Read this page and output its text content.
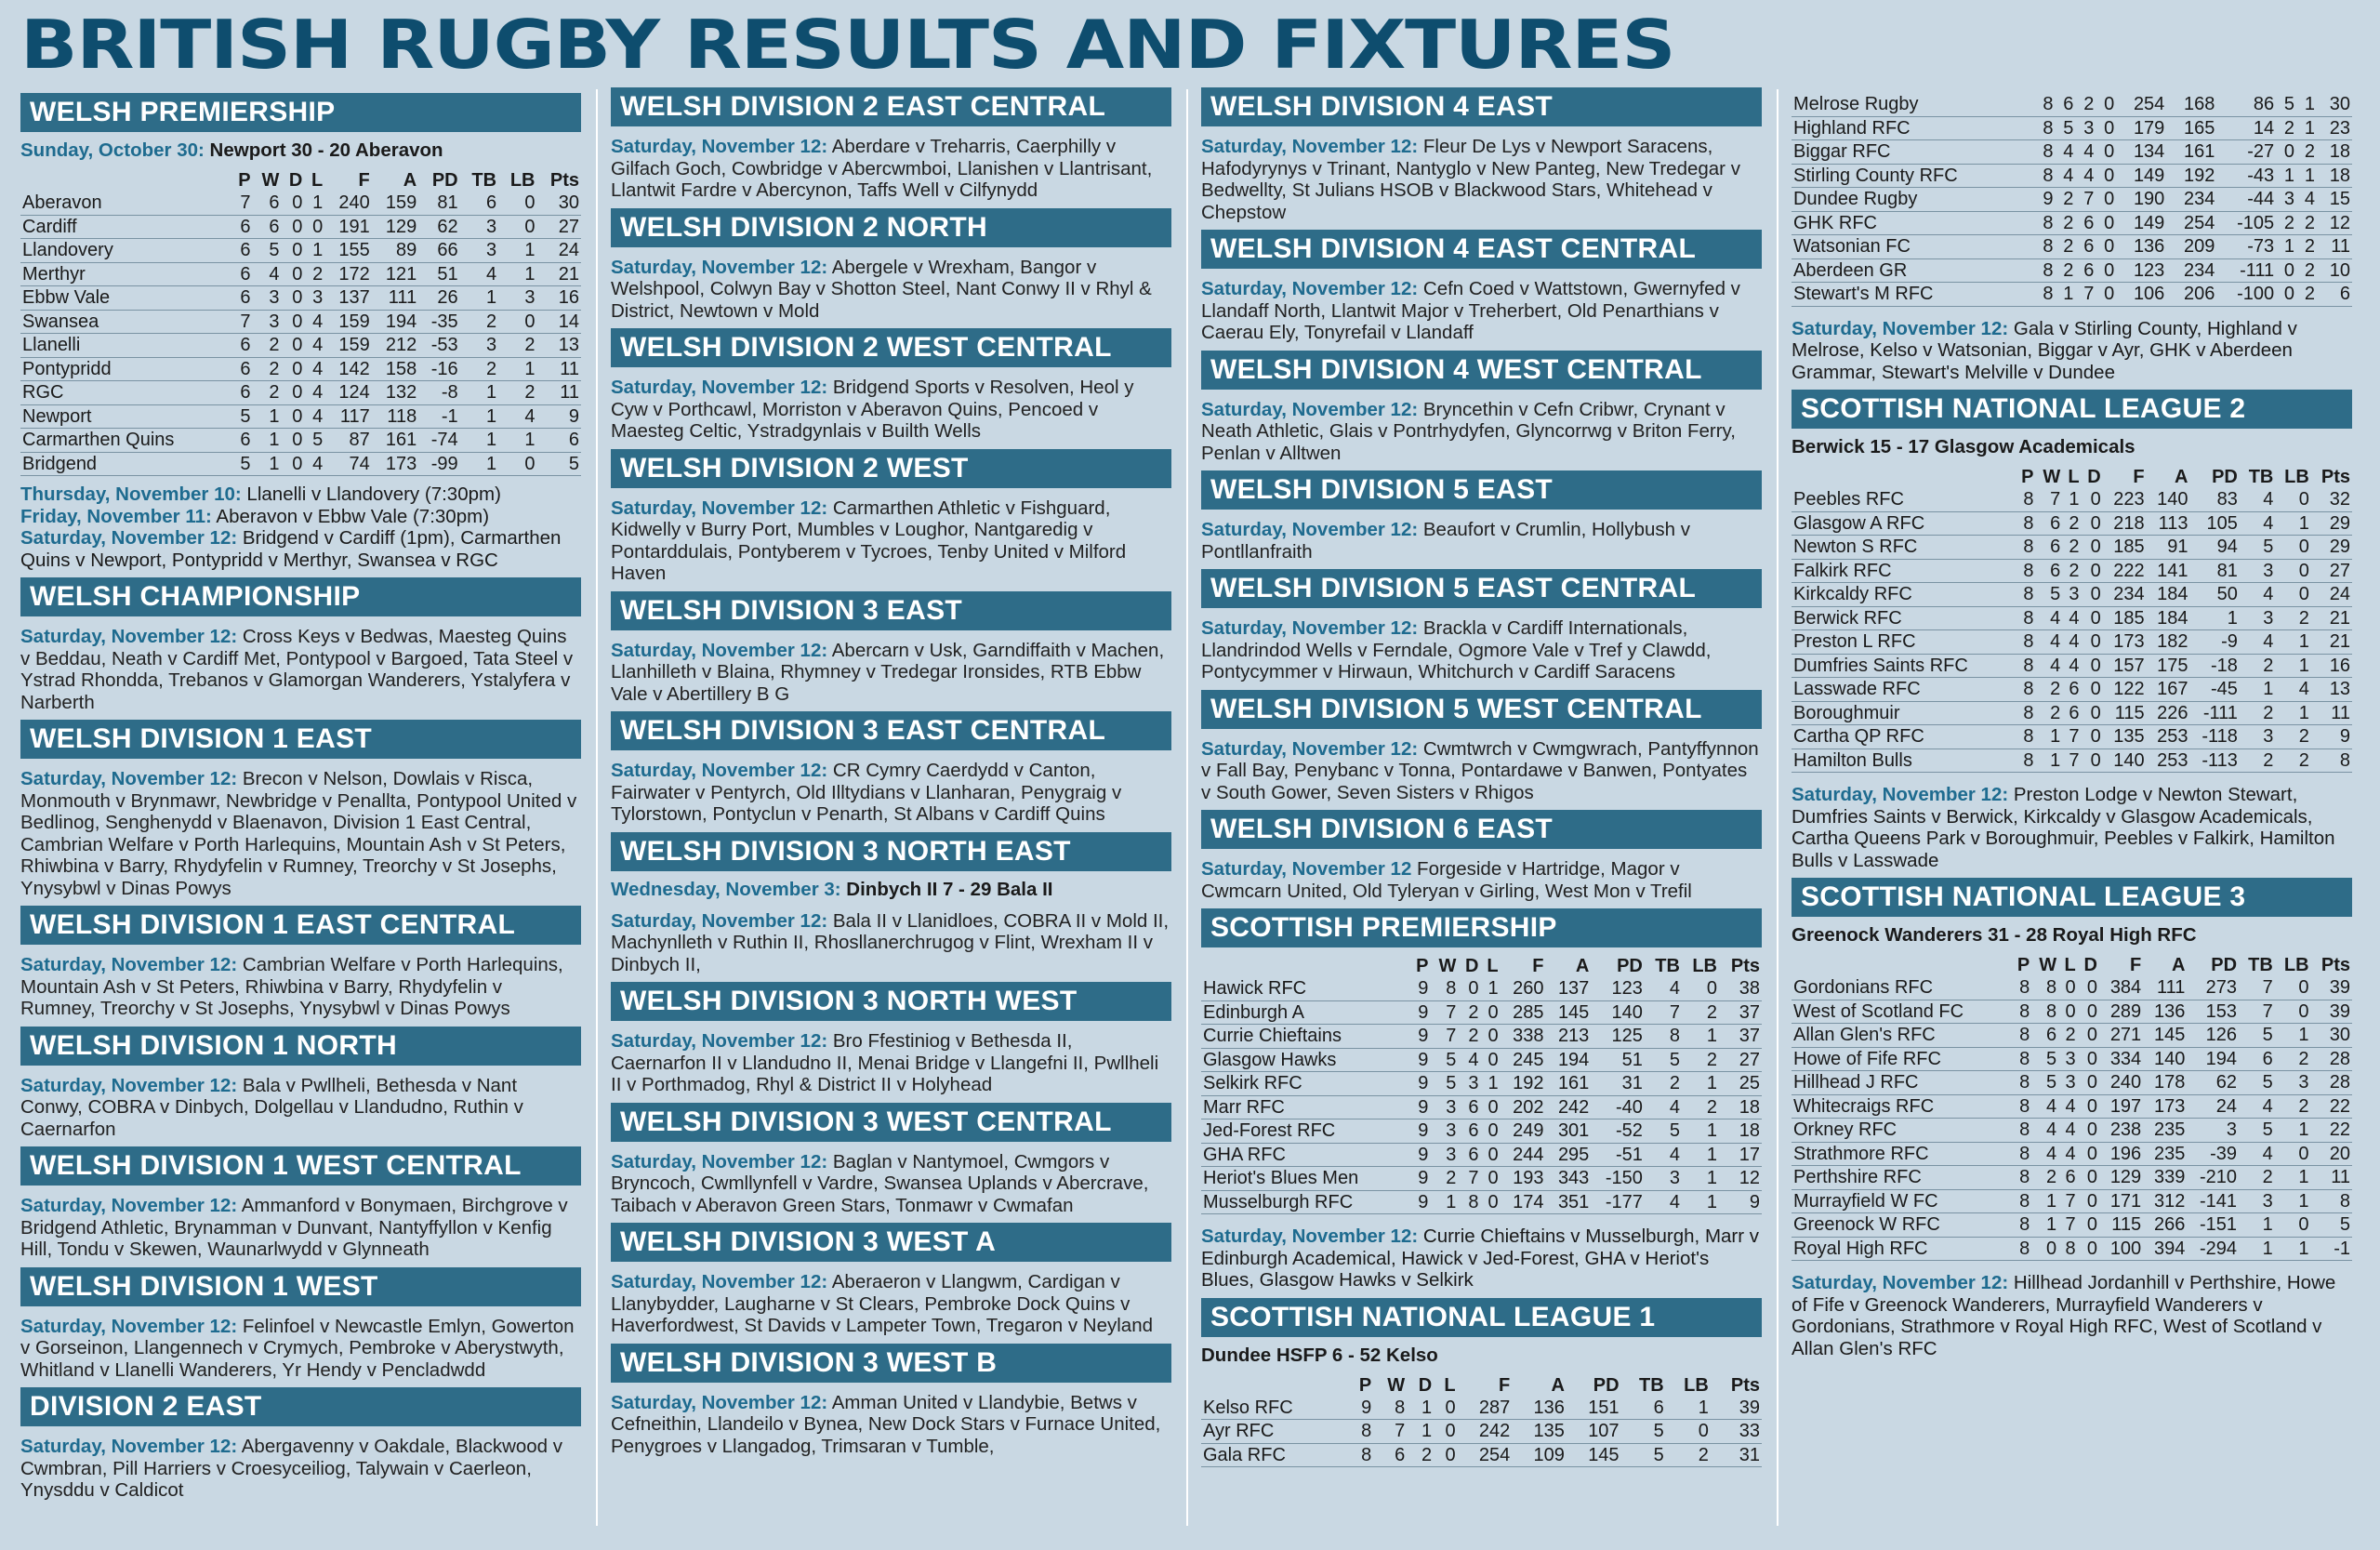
BRITISH RUGBY RESULTS AND FIXTURES
WELSH PREMIERSHIP
Sunday, October 30: Newport 30 - 20 Aberavon
	P	W	D	L	F	A	PD	TB	LB	Pts
Aberavon	7	6	0	1	240	159	81	6	0	30
Cardiff	6	6	0	0	191	129	62	3	0	27
Llandovery	6	5	0	1	155	89	66	3	1	24
Merthyr	6	4	0	2	172	121	51	4	1	21
Ebbw Vale	6	3	0	3	137	111	26	1	3	16
Swansea	7	3	0	4	159	194	-35	2	0	14
Llanelli	6	2	0	4	159	212	-53	3	2	13
Pontypridd	6	2	0	4	142	158	-16	2	1	11
RGC	6	2	0	4	124	132	-8	1	2	11
Newport	5	1	0	4	117	118	-1	1	4	9
Carmarthen Quins	6	1	0	5	87	161	-74	1	1	6
Bridgend	5	1	0	4	74	173	-99	1	0	5
Thursday, November 10: Llanelli v Llandovery (7:30pm)
Friday, November 11: Aberavon v Ebbw Vale (7:30pm)
Saturday, November 12: Bridgend v Cardiff (1pm), Carmarthen Quins v Newport, Pontypridd v Merthyr, Swansea v RGC
WELSH CHAMPIONSHIP
Saturday, November 12: Cross Keys v Bedwas, Maesteg Quins v Beddau, Neath v Cardiff Met, Pontypool v Bargoed, Tata Steel v Ystrad Rhondda, Trebanos v Glamorgan Wanderers, Ystalyfera v Narberth
WELSH DIVISION 1 EAST
Saturday, November 12: Brecon v Nelson, Dowlais v Risca, Monmouth v Brynmawr, Newbridge v Penallta, Pontypool United v Bedlinog, Senghenydd v Blaenavon, Division 1 East Central, Cambrian Welfare v Porth Harlequins, Mountain Ash v St Peters, Rhiwbina v Barry, Rhydyfelin v Rumney, Treorchy v St Josephs, Ynysybwl v Dinas Powys
WELSH DIVISION 1 EAST CENTRAL
Saturday, November 12: Cambrian Welfare v Porth Harlequins, Mountain Ash v St Peters, Rhiwbina v Barry, Rhydyfelin v Rumney, Treorchy v St Josephs, Ynysybwl v Dinas Powys
WELSH DIVISION 1 NORTH
Saturday, November 12: Bala v Pwllheli, Bethesda v Nant Conwy, COBRA v Dinbych, Dolgellau v Llandudno, Ruthin v Caernarfon
WELSH DIVISION 1 WEST CENTRAL
Saturday, November 12: Ammanford v Bonymaen, Birchgrove v Bridgend Athletic, Brynamman v Dunvant, Nantyffyllon v Kenfig Hill, Tondu v Skewen, Waunarlwydd v Glynneath
WELSH DIVISION 1 WEST
Saturday, November 12: Felinfoel v Newcastle Emlyn, Gowerton v Gorseinon, Llangennech v Crymych, Pembroke v Aberystwyth, Whitland v Llanelli Wanderers, Yr Hendy v Pencladwdd
DIVISION 2 EAST
Saturday, November 12: Abergavenny v Oakdale, Blackwood v Cwmbran, Pill Harriers v Croesyceiliog, Talywain v Caerleon, Ynysddu v Caldicot
WELSH DIVISION 2 EAST CENTRAL
Saturday, November 12: Aberdare v Treharris, Caerphilly v Gilfach Goch, Cowbridge v Abercwmboi, Llanishen v Llantrisant, Llantwit Fardre v Abercynon, Taffs Well v Cilfynydd
WELSH DIVISION 2 NORTH
Saturday, November 12: Abergele v Wrexham, Bangor v Welshpool, Colwyn Bay v Shotton Steel, Nant Conwy II v Rhyl & District, Newtown v Mold
WELSH DIVISION 2 WEST CENTRAL
Saturday, November 12: Bridgend Sports v Resolven, Heol y Cyw v Porthcawl, Morriston v Aberavon Quins, Pencoed v Maesteg Celtic, Ystradgynlais v Builth Wells
WELSH DIVISION 2 WEST
Saturday, November 12: Carmarthen Athletic v Fishguard, Kidwelly v Burry Port, Mumbles v Loughor, Nantgaredig v Pontarddulais, Pontyberem v Tycroes, Tenby United v Milford Haven
WELSH DIVISION 3 EAST
Saturday, November 12: Abercarn v Usk, Garndiffaith v Machen, Llanhilleth v Blaina, Rhymney v Tredegar Ironsides, RTB Ebbw Vale v Abertillery B G
WELSH DIVISION 3 EAST CENTRAL
Saturday, November 12: CR Cymry Caerdydd v Canton, Fairwater v Pentyrch, Old Illtydians v Llanharan, Penygraig v Tylorstown, Pontyclun v Penarth, St Albans v Cardiff Quins
WELSH DIVISION 3 NORTH EAST
Wednesday, November 3: Dinbych II 7 - 29 Bala II
Saturday, November 12: Bala II v Llanidloes, COBRA II v Mold II, Machynlleth v Ruthin II, Rhosllanerchrugog v Flint, Wrexham II v Dinbych II,
WELSH DIVISION 3 NORTH WEST
Saturday, November 12: Bro Ffestiniog v Bethesda II, Caernarfon II v Llandudno II, Menai Bridge v Llangefni II, Pwllheli II v Porthmadog, Rhyl & District II v Holyhead
WELSH DIVISION 3 WEST CENTRAL
Saturday, November 12: Baglan v Nantymoel, Cwmgors v Bryncoch, Cwmllynfell v Vardre, Swansea Uplands v Abercrave, Taibach v Aberavon Green Stars, Tonmawr v Cwmafan
WELSH DIVISION 3 WEST A
Saturday, November 12: Aberaeron v Llangwm, Cardigan v Llanybydder, Laugharne v St Clears, Pembroke Dock Quins v Haverfordwest, St Davids v Lampeter Town, Tregaron v Neyland
WELSH DIVISION 3 WEST B
Saturday, November 12: Amman United v Llandybie, Betws v Cefneithin, Llandeilo v Bynea, New Dock Stars v Furnace United, Penygroes v Llangadog, Trimsaran v Tumble,
WELSH DIVISION 4 EAST
Saturday, November 12: Fleur De Lys v Newport Saracens, Hafodyrynys v Trinant, Nantyglo v New Panteg, New Tredegar v Bedwellty, St Julians HSOB v Blackwood Stars, Whitehead v Chepstow
WELSH DIVISION 4 EAST CENTRAL
Saturday, November 12: Cefn Coed v Wattstown, Gwernyfed v Llandaff North, Llantwit Major v Treherbert, Old Penarthians v Caerau Ely, Tonyrefail v Llandaff
WELSH DIVISION 4 WEST CENTRAL
Saturday, November 12: Bryncethin v Cefn Cribwr, Crynant v Neath Athletic, Glais v Pontrhydyfen, Glyncorrwg v Briton Ferry, Penlan v Alltwen
WELSH DIVISION 5 EAST
Saturday, November 12: Beaufort v Crumlin, Hollybush v Pontllanfraith
WELSH DIVISION 5 EAST CENTRAL
Saturday, November 12: Brackla v Cardiff Internationals, Llandrindod Wells v Ferndale, Ogmore Vale v Tref y Clawdd, Pontycymmer v Hirwaun, Whitchurch v Cardiff Saracens
WELSH DIVISION 5 WEST CENTRAL
Saturday, November 12: Cwmtwrch v Cwmgwrach, Pantyffynnon v Fall Bay, Penybanc v Tonna, Pontardawe v Banwen, Pontyates v South Gower, Seven Sisters v Rhigos
WELSH DIVISION 6 EAST
Saturday, November 12 Forgeside v Hartridge, Magor v Cwmcarn United, Old Tyleryan v Girling, West Mon v Trefil
SCOTTISH PREMIERSHIP
	P	W	D	L	F	A	PD	TB	LB	Pts
Hawick RFC	9	8	0	1	260	137	123	4	0	38
Edinburgh A	9	7	2	0	285	145	140	7	2	37
Currie Chieftains	9	7	2	0	338	213	125	8	1	37
Glasgow Hawks	9	5	4	0	245	194	51	5	2	27
Selkirk RFC	9	5	3	1	192	161	31	2	1	25
Marr RFC	9	3	6	0	202	242	-40	4	2	18
Jed-Forest RFC	9	3	6	0	249	301	-52	5	1	18
GHA RFC	9	3	6	0	244	295	-51	4	1	17
Heriot's Blues Men	9	2	7	0	193	343	-150	3	1	12
Musselburgh RFC	9	1	8	0	174	351	-177	4	1	9
Saturday, November 12: Currie Chieftains v Musselburgh, Marr v Edinburgh Academical, Hawick v Jed-Forest, GHA v Heriot's Blues, Glasgow Hawks v Selkirk
SCOTTISH NATIONAL LEAGUE 1
Dundee HSFP 6 - 52 Kelso
	P	W	D	L	F	A	PD	TB	LB	Pts
Kelso RFC	9	8	1	0	287	136	151	6	1	39
Ayr RFC	8	7	1	0	242	135	107	5	0	33
Gala RFC	8	6	2	0	254	109	145	5	2	31
Melrose Rugby	8	6	2	0	254	168	86	5	1	30
Highland RFC	8	5	3	0	179	165	14	2	1	23
Biggar RFC	8	4	4	0	134	161	-27	0	2	18
Stirling County RFC	8	4	4	0	149	192	-43	1	1	18
Dundee Rugby	9	2	7	0	190	234	-44	3	4	15
GHK RFC	8	2	6	0	149	254	-105	2	2	12
Watsonian FC	8	2	6	0	136	209	-73	1	2	11
Aberdeen GR	8	2	6	0	123	234	-111	0	2	10
Stewart's M RFC	8	1	7	0	106	206	-100	0	2	6
Saturday, November 12: Gala v Stirling County, Highland v Melrose, Kelso v Watsonian, Biggar v Ayr, GHK v Aberdeen Grammar, Stewart's Melville v Dundee
SCOTTISH NATIONAL LEAGUE 2
Berwick 15 - 17 Glasgow Academicals
	P	W	L	D	F	A	PD	TB	LB	Pts
Peebles RFC	8	7	1	0	223	140	83	4	0	32
Glasgow A RFC	8	6	2	0	218	113	105	4	1	29
Newton S RFC	8	6	2	0	185	91	94	5	0	29
Falkirk RFC	8	6	2	0	222	141	81	3	0	27
Kirkcaldy RFC	8	5	3	0	234	184	50	4	0	24
Berwick RFC	8	4	4	0	185	184	1	3	2	21
Preston L RFC	8	4	4	0	173	182	-9	4	1	21
Dumfries Saints RFC	8	4	4	0	157	175	-18	2	1	16
Lasswade RFC	8	2	6	0	122	167	-45	1	4	13
Boroughmuir	8	2	6	0	115	226	-111	2	1	11
Cartha QP RFC	8	1	7	0	135	253	-118	3	2	9
Hamilton Bulls	8	1	7	0	140	253	-113	2	2	8
Saturday, November 12: Preston Lodge v Newton Stewart, Dumfries Saints v Berwick, Kirkcaldy v Glasgow Academicals, Cartha Queens Park v Boroughmuir, Peebles v Falkirk, Hamilton Bulls v Lasswade
SCOTTISH NATIONAL LEAGUE 3
Greenock Wanderers 31 - 28 Royal High RFC
	P	W	L	D	F	A	PD	TB	LB	Pts
Gordonians RFC	8	8	0	0	384	111	273	7	0	39
West of Scotland FC	8	8	0	0	289	136	153	7	0	39
Allan Glen's RFC	8	6	2	0	271	145	126	5	1	30
Howe of Fife RFC	8	5	3	0	334	140	194	6	2	28
Hillhead J RFC	8	5	3	0	240	178	62	5	3	28
Whitecraigs RFC	8	4	4	0	197	173	24	4	2	22
Orkney RFC	8	4	4	0	238	235	3	5	1	22
Strathmore RFC	8	4	4	0	196	235	-39	4	0	20
Perthshire RFC	8	2	6	0	129	339	-210	2	1	11
Murrayfield W FC	8	1	7	0	171	312	-141	3	1	8
Greenock W RFC	8	1	7	0	115	266	-151	1	0	5
Royal High RFC	8	0	8	0	100	394	-294	1	1	-1
Saturday, November 12: Hillhead Jordanhill v Perthshire, Howe of Fife v Greenock Wanderers, Murrayfield Wanderers v Gordonians, Strathmore v Royal High RFC, West of Scotland v Allan Glen's RFC
